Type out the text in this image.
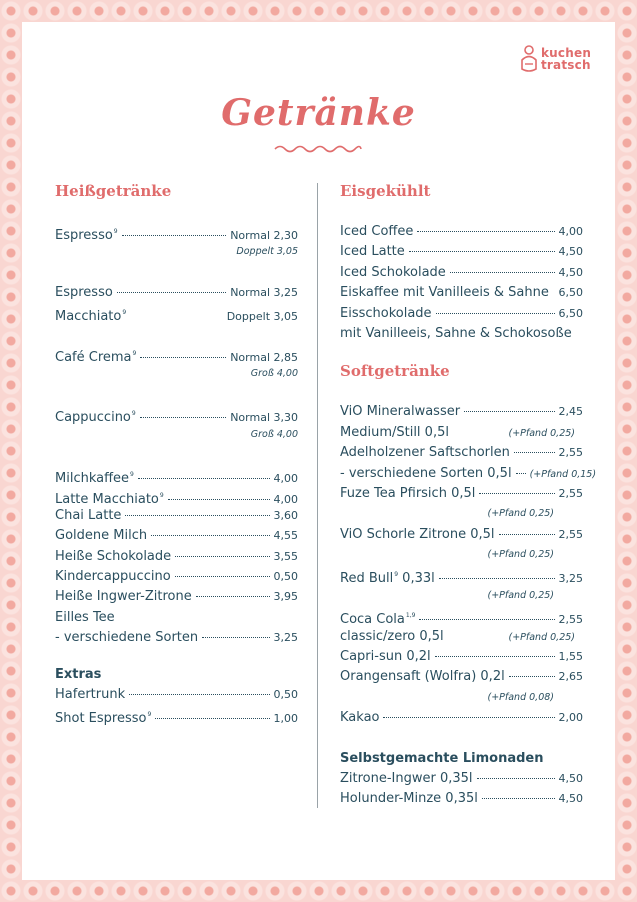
kuchen
tratsch
Getränke
Heißgetränke
Espresso$^9$	Normal 2,30
Doppelt 3,05
Espresso	Normal 3,25
Macchiato$^9$	Doppelt 3,05
Café Crema$^9$	Normal 2,85
Groß 4,00
Cappuccino$^9$	Normal 3,30
Groß 4,00
Milchkaffee$^9$	4,00
Latte Macchiato$^9$	4,00
Chai Latte	3,60
Goldene Milch	4,55
Heiße Schokolade	3,55
Kindercappuccino	0,50
Heiße Ingwer-Zitrone	3,95
Eilles Tee
- verschiedene Sorten	3,25
Extras
Hafertrunk	0,50
Shot Espresso$^9$	1,00
Eisgekühlt
Iced Coffee	4,00
Iced Latte	4,50
Iced Schokolade	4,50
Eiskaffee mit Vanilleeis & Sahne 6,50
Eisschokolade	6,50
mit Vanilleeis, Sahne & Schokosoße
Softgetränke
ViO Mineralwasser	2,45
Medium/Still 0,5l	(+Pfand 0,25)
Adelholzener Saftschorlen	2,55
- verschiedene Sorten 0,5l (+Pfand 0,15)
Fuze Tea Pfirsich 0,5l	2,55
(+Pfand 0,25)
ViO Schorle Zitrone 0,5l	2,55
(+Pfand 0,25)
Red Bull$^9$ 0,33l	3,25
(+Pfand 0,25)
Coca Cola$^{1,9}$	2,55
classic/zero 0,5l	(+Pfand 0,25)
Capri-sun 0,2l	1,55
Orangensaft (Wolfra) 0,2l	2,65
(+Pfand 0,08)
Kakao	2,00
Selbstgemachte Limonaden
Zitrone-Ingwer 0,35l	4,50
Holunder-Minze 0,35l	4,50
